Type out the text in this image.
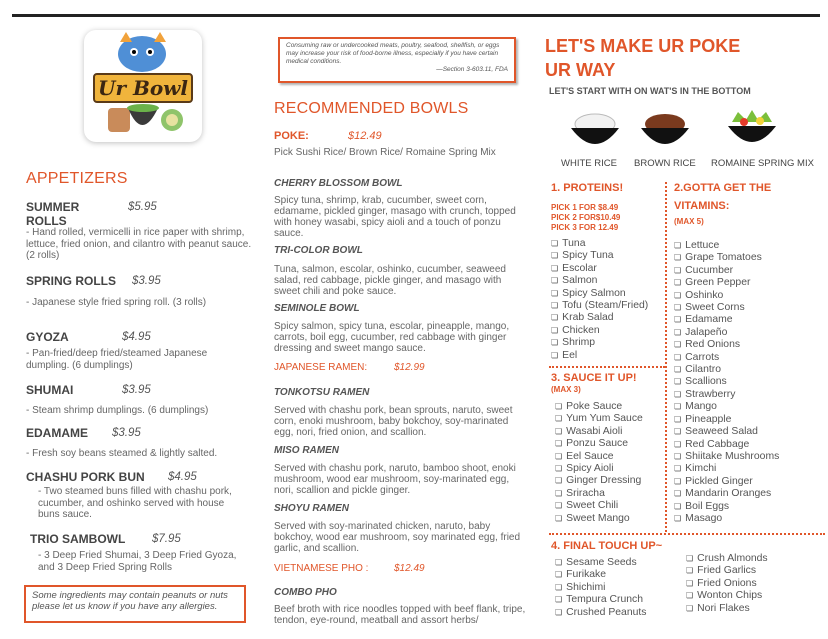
Ur Bowl
APPETIZERS
SUMMER ROLLS
$5.95
- Hand rolled, vermicelli in rice paper with shrimp, lettuce, fried onion, and cilantro with peanut sauce. (2 rolls)
SPRING ROLLS $3.95
- Japanese style fried spring roll. (3 rolls)
GYOZA	$4.95
- Pan-fried/deep fried/steamed Japanese dumpling. (6 dumplings)
SHUMAI	$3.95
- Steam shrimp dumplings. (6 dumplings)
EDAMAME $3.95
- Fresh soy beans steamed & lightly salted.
CHASHU PORK BUN $4.95
- Two steamed buns filled with chashu pork, cucumber, and oshinko served with house buns sauce.
TRIO SAMBOWL $7.95
- 3 Deep Fried Shumai, 3 Deep Fried Gyoza, and 3 Deep Fried Spring Rolls
Some ingredients may contain peanuts or nuts please let us know if you have any allergies.
Consuming raw or undercooked meats, poultry, seafood, shellfish, or eggs may increase your risk of food-borne illness, especially if you have certain medical conditions.
—Section 3-603.11, FDA
RECOMMENDED BOWLS
POKE:	$12.49
Pick Sushi Rice/ Brown Rice/ Romaine Spring Mix
CHERRY BLOSSOM BOWL
Spicy tuna, shrimp, krab, cucumber, sweet corn, edamame, pickled ginger, masago with crunch, topped with honey wasabi, spicy aioli and a touch of ponzu sauce.
TRI-COLOR BOWL
Tuna, salmon, escolar, oshinko, cucumber, seaweed salad, red cabbage, pickle ginger, and masago with sweet chili and poke sauce.
SEMINOLE BOWL
Spicy salmon, spicy tuna, escolar, pineapple, mango, carrots, boil egg, cucumber, red cabbage with ginger dressing and sweet mango sauce.
JAPANESE RAMEN:	$12.99
TONKOTSU RAMEN
Served with chashu pork, bean sprouts, naruto, sweet corn, enoki mushroom, baby bokchoy, soy-marinated egg, nori, fried onion, and scallion.
MISO RAMEN
Served with chashu pork, naruto, bamboo shoot, enoki mushroom, wood ear mushroom, soy-marinated egg, nori, scallion and pickle ginger.
SHOYU RAMEN
Served with soy-marinated chicken, naruto, baby bokchoy, wood ear mushroom, soy marinated egg, fried garlic, and scallion.
VIETNAMESE PHO :	$12.49
COMBO PHO
Beef broth with rice noodles topped with beef flank, tripe, tendon, eye-round, meatball and assort herbs/
LET'S MAKE UR POKE
UR WAY
LET'S START WITH ON WAT'S IN THE BOTTOM
WHITE RICE BROWN RICE ROMAINE SPRING MIX
1. PROTEINS!
PICK 1 FOR $8.49
PICK 2 FOR$10.49
PICK 3 FOR 12.49
❏ Tuna
❏ Spicy Tuna
❏ Escolar
❏ Salmon
❏ Spicy Salmon
❏ Tofu (Steam/Fried)
❏ Krab Salad
❏ Chicken
❏ Shrimp
❏ Eel
3. SAUCE IT UP!
(MAX 3)
❏ Poke Sauce
❏ Yum Yum Sauce
❏ Wasabi Aioli
❏ Ponzu Sauce
❏ Eel Sauce
❏ Spicy Aioli
❏ Ginger Dressing
❏ Sriracha
❏ Sweet Chili
❏ Sweet Mango
2.GOTTA GET THE
VITAMINS:
(MAX 5)
❏ Lettuce
❏ Grape Tomatoes
❏ Cucumber
❏ Green Pepper
❏ Oshinko
❏ Sweet Corns
❏ Edamame
❏ Jalapeño
❏ Red Onions
❏ Carrots
❏ Cilantro
❏ Scallions
❏ Strawberry
❏ Mango
❏ Pineapple
❏ Seaweed Salad
❏ Red Cabbage
❏ Shiitake Mushrooms
❏ Kimchi
❏ Pickled Ginger
❏ Mandarin Oranges
❏ Boil Eggs
❏ Masago
4. FINAL TOUCH UP~
❏ Sesame Seeds
❏ Furikake
❏ Shichimi
❏ Tempura Crunch
❏ Crushed Peanuts
❏ Crush Almonds
❏ Fried Garlics
❏ Fried Onions
❏ Wonton Chips
❏ Nori Flakes
